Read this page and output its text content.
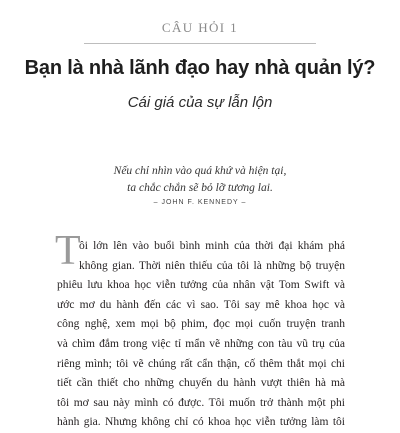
CÂU HỎI 1
Bạn là nhà lãnh đạo hay nhà quản lý?
Cái giá của sự lẫn lộn
Nếu chỉ nhìn vào quá khứ và hiện tại,
ta chắc chắn sẽ bỏ lỡ tương lai.
– JOHN F. KENNEDY –
T
ôi lớn lên vào buổi bình minh của thời đại khám phá
không gian. Thời niên thiếu của tôi là những bộ truyện
phiêu lưu khoa học viễn tưởng của nhân vật Tom Swift và
ước mơ du hành đến các vì sao. Tôi say mê khoa học và
công nghệ, xem mọi bộ phim, đọc mọi cuốn truyện tranh
và chìm đắm trong việc tỉ mẩn vẽ những con tàu vũ trụ của
riêng mình; tôi vẽ chúng rất cẩn thận, cố thêm thắt mọi chi
tiết cần thiết cho những chuyến du hành vượt thiên hà mà
tôi mơ sau này mình có được. Tôi muốn trở thành một phi
hành gia. Nhưng không chỉ có khoa học viễn tưởng làm tôi
